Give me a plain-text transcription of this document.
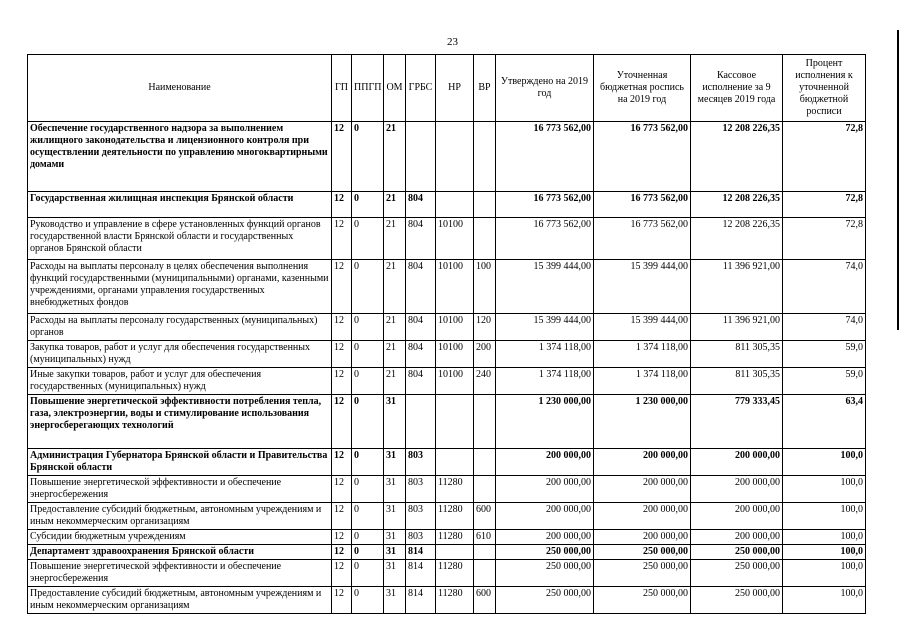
23
Наименование	ГП	ППГП	ОМ	ГРБС	НР	ВР	Утверждено на 2019 год	Уточненная бюджетная роспись на 2019 год	Кассовое исполнение за 9 месяцев 2019 года	Процент исполнения к уточненной бюджетной росписи
Обеспечение государственного надзора за выполнением жилищного законодательства и лицензионного контроля при осуществлении деятельности по управлению многоквартирными домами	12	0	21				16 773 562,00	16 773 562,00	12 208 226,35	72,8
Государственная жилищная инспекция Брянской области	12	0	21	804			16 773 562,00	16 773 562,00	12 208 226,35	72,8
Руководство и управление в сфере установленных функций органов государственной власти Брянской области и государственных органов Брянской области	12	0	21	804	10100		16 773 562,00	16 773 562,00	12 208 226,35	72,8
Расходы на выплаты персоналу в целях обеспечения выполнения функций государственными (муниципальными) органами, казенными учреждениями, органами управления государственных внебюджетных фондов	12	0	21	804	10100	100	15 399 444,00	15 399 444,00	11 396 921,00	74,0
Расходы на выплаты персоналу государственных (муниципальных) органов	12	0	21	804	10100	120	15 399 444,00	15 399 444,00	11 396 921,00	74,0
Закупка товаров, работ и услуг для обеспечения государственных (муниципальных) нужд	12	0	21	804	10100	200	1 374 118,00	1 374 118,00	811 305,35	59,0
Иные закупки товаров, работ и услуг для обеспечения государственных (муниципальных) нужд	12	0	21	804	10100	240	1 374 118,00	1 374 118,00	811 305,35	59,0
Повышение энергетической эффективности потребления тепла, газа, электроэнергии, воды и стимулирование использования энергосберегающих технологий	12	0	31				1 230 000,00	1 230 000,00	779 333,45	63,4
Администрация Губернатора Брянской области и Правительства Брянской области	12	0	31	803			200 000,00	200 000,00	200 000,00	100,0
Повышение энергетической эффективности и обеспечение энергосбережения	12	0	31	803	11280		200 000,00	200 000,00	200 000,00	100,0
Предоставление субсидий бюджетным, автономным учреждениям и иным некоммерческим организациям	12	0	31	803	11280	600	200 000,00	200 000,00	200 000,00	100,0
Субсидии бюджетным учреждениям	12	0	31	803	11280	610	200 000,00	200 000,00	200 000,00	100,0
Департамент здравоохранения Брянской области	12	0	31	814			250 000,00	250 000,00	250 000,00	100,0
Повышение энергетической эффективности и обеспечение энергосбережения	12	0	31	814	11280		250 000,00	250 000,00	250 000,00	100,0
Предоставление субсидий бюджетным, автономным учреждениям и иным некоммерческим организациям	12	0	31	814	11280	600	250 000,00	250 000,00	250 000,00	100,0
